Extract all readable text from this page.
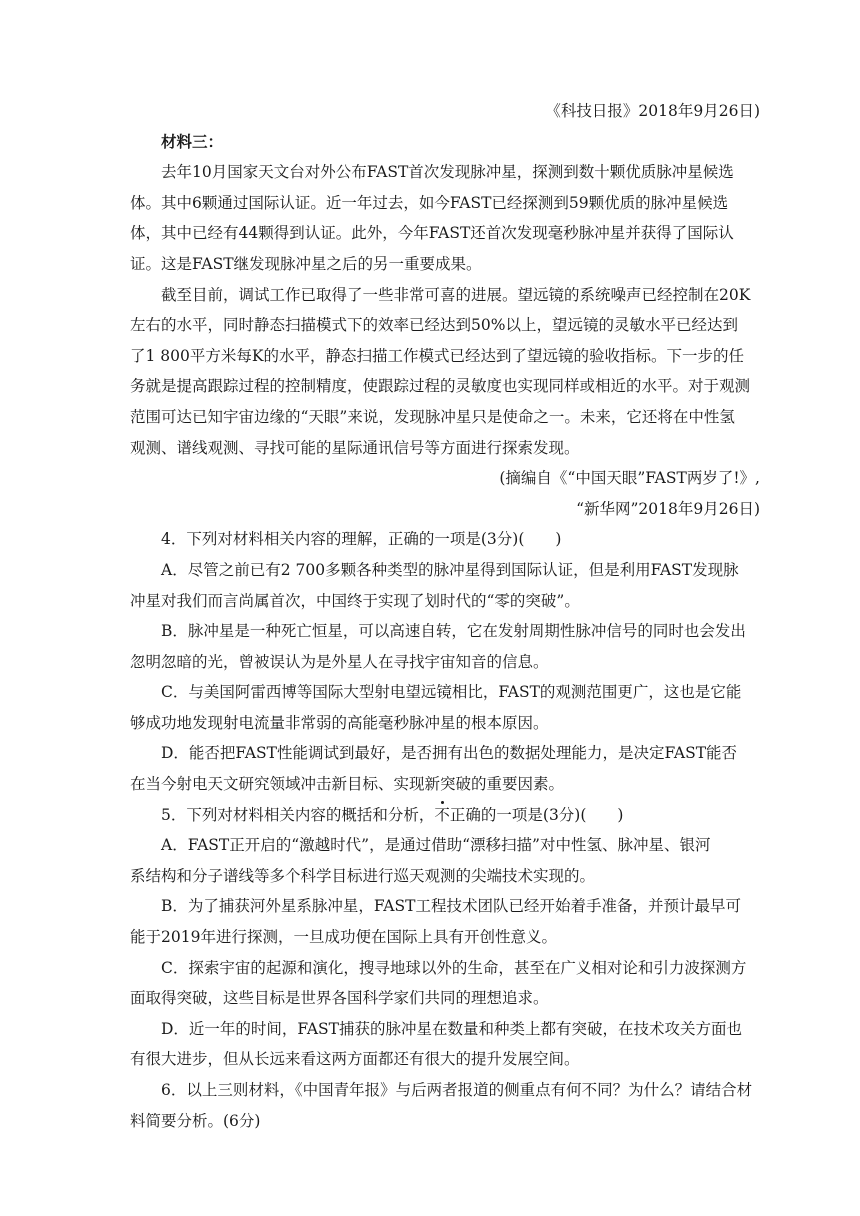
《科技日报》2018年9月26日)
材料三：
去年10月国家天文台对外公布FAST首次发现脉冲星，探测到数十颗优质脉冲星候选
体。其中6颗通过国际认证。近一年过去，如今FAST已经探测到59颗优质的脉冲星候选
体，其中已经有44颗得到认证。此外，今年FAST还首次发现毫秒脉冲星并获得了国际认
证。这是FAST继发现脉冲星之后的另一重要成果。
截至目前，调试工作已取得了一些非常可喜的进展。望远镜的系统噪声已经控制在20K
左右的水平，同时静态扫描模式下的效率已经达到50%以上，望远镜的灵敏水平已经达到
了1 800平方米每K的水平，静态扫描工作模式已经达到了望远镜的验收指标。下一步的任
务就是提高跟踪过程的控制精度，使跟踪过程的灵敏度也实现同样或相近的水平。对于观测
范围可达已知宇宙边缘的“天眼”来说，发现脉冲星只是使命之一。未来，它还将在中性氢
观测、谱线观测、寻找可能的星际通讯信号等方面进行探索发现。
(摘编自《“中国天眼”FAST两岁了!》,
“新华网”2018年9月26日)
4．下列对材料相关内容的理解，正确的一项是(3分)(　　)
A．尽管之前已有2 700多颗各种类型的脉冲星得到国际认证，但是利用FAST发现脉
冲星对我们而言尚属首次，中国终于实现了划时代的“零的突破”。
B．脉冲星是一种死亡恒星，可以高速自转，它在发射周期性脉冲信号的同时也会发出
忽明忽暗的光，曾被误认为是外星人在寻找宇宙知音的信息。
C．与美国阿雷西博等国际大型射电望远镜相比，FAST的观测范围更广，这也是它能
够成功地发现射电流量非常弱的高能毫秒脉冲星的根本原因。
D．能否把FAST性能调试到最好，是否拥有出色的数据处理能力，是决定FAST能否
在当今射电天文研究领域冲击新目标、实现新突破的重要因素。
5．下列对材料相关内容的概括和分析，不正确的一项是(3分)(　　)
A．FAST正开启的“激越时代”，是通过借助“漂移扫描”对中性氢、脉冲星、银河
系结构和分子谱线等多个科学目标进行巡天观测的尖端技术实现的。
B．为了捕获河外星系脉冲星，FAST工程技术团队已经开始着手准备，并预计最早可
能于2019年进行探测，一旦成功便在国际上具有开创性意义。
C．探索宇宙的起源和演化，搜寻地球以外的生命，甚至在广义相对论和引力波探测方
面取得突破，这些目标是世界各国科学家们共同的理想追求。
D．近一年的时间，FAST捕获的脉冲星在数量和种类上都有突破，在技术攻关方面也
有很大进步，但从长远来看这两方面都还有很大的提升发展空间。
6．以上三则材料，《中国青年报》与后两者报道的侧重点有何不同？为什么？请结合材
料简要分析。(6分)
